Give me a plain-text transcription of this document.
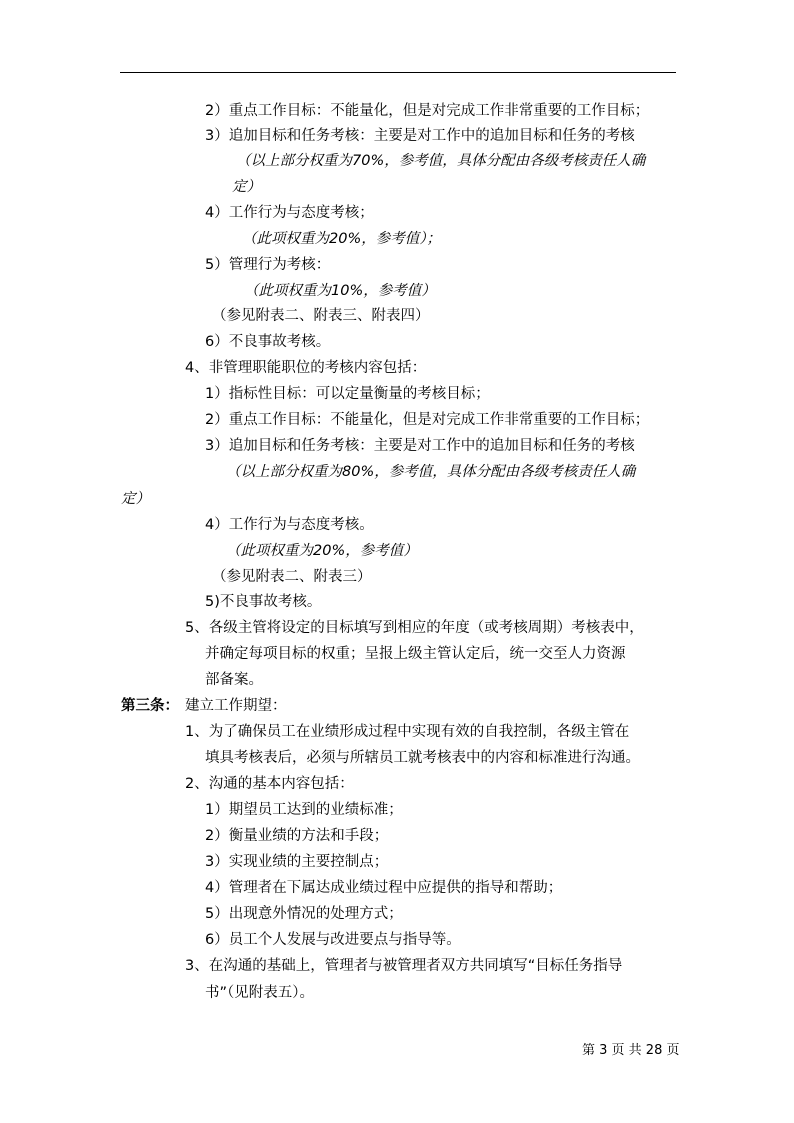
2）重点工作目标：不能量化，但是对完成工作非常重要的工作目标；
3）追加目标和任务考核：主要是对工作中的追加目标和任务的考核
（以上部分权重为70%，参考值，具体分配由各级考核责任人确
定）
4）工作行为与态度考核；
（此项权重为20%，参考值）；
5）管理行为考核：
（此项权重为10%，参考值）
（参见附表二、附表三、附表四）
6）不良事故考核。
4、非管理职能职位的考核内容包括：
1）指标性目标：可以定量衡量的考核目标；
2）重点工作目标：不能量化，但是对完成工作非常重要的工作目标；
3）追加目标和任务考核：主要是对工作中的追加目标和任务的考核
（以上部分权重为80%，参考值，具体分配由各级考核责任人确
定）
4）工作行为与态度考核。
（此项权重为20%，参考值）
（参见附表二、附表三）
5)不良事故考核。
5、各级主管将设定的目标填写到相应的年度（或考核周期）考核表中，
并确定每项目标的权重；呈报上级主管认定后，统一交至人力资源
部备案。
第三条： 建立工作期望：
1、为了确保员工在业绩形成过程中实现有效的自我控制，各级主管在
填具考核表后，必须与所辖员工就考核表中的内容和标准进行沟通。
2、沟通的基本内容包括：
1）期望员工达到的业绩标准；
2）衡量业绩的方法和手段；
3）实现业绩的主要控制点；
4）管理者在下属达成业绩过程中应提供的指导和帮助；
5）出现意外情况的处理方式；
6）员工个人发展与改进要点与指导等。
3、在沟通的基础上，管理者与被管理者双方共同填写“目标任务指导
书”（见附表五）。
第 3 页 共 28 页
